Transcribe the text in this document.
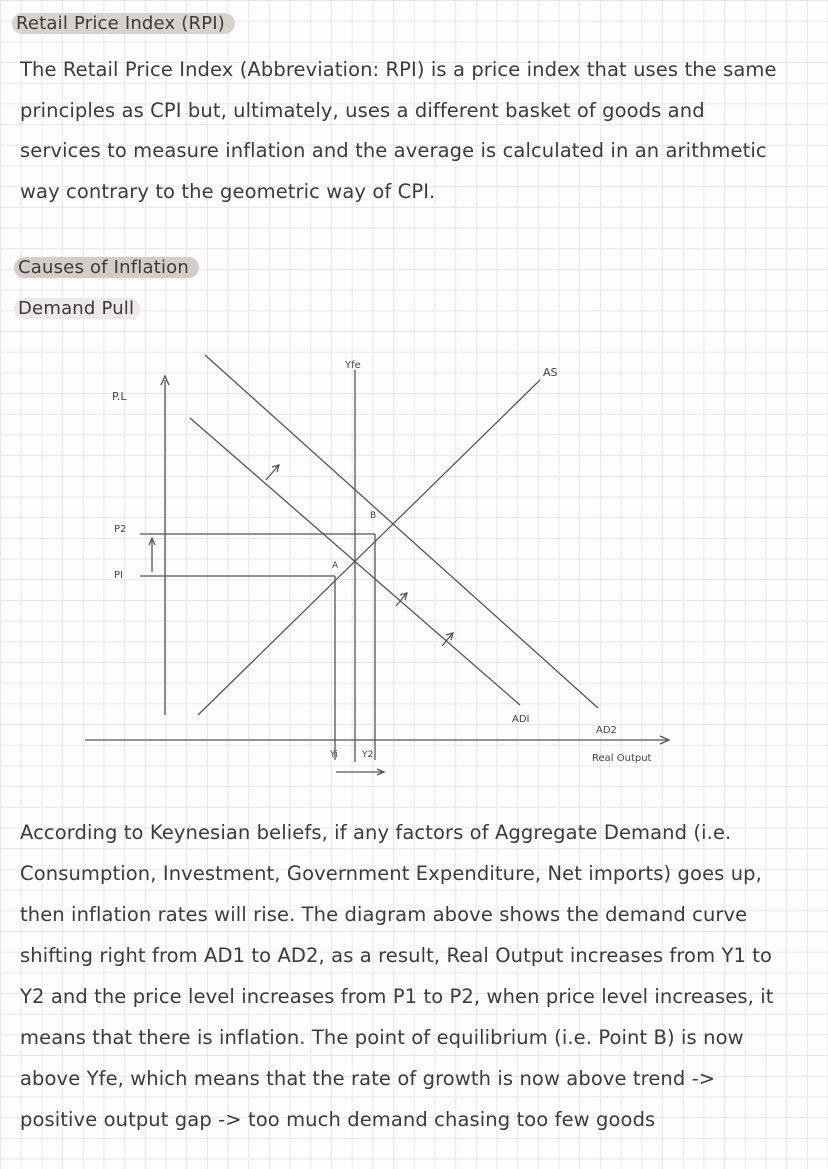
Retail Price Index (RPI)

The Retail Price Index (Abbreviation: RPI) is a price index that uses the same principles as CPI but, ultimately, uses a different basket of goods and services to measure inflation and the average is calculated in an arithmetic way contrary to the geometric way of CPI.

Causes of Inflation
Demand Pull
P.L
Yfe
AS
P2
PI
A
B
ADI
AD2
Yi	Y2	Real Output

According to Keynesian beliefs, if any factors of Aggregate Demand (i.e. Consumption, Investment, Government Expenditure, Net imports) goes up, then inflation rates will rise. The diagram above shows the demand curve shifting right from AD1 to AD2, as a result, Real Output increases from Y1 to Y2 and the price level increases from P1 to P2, when price level increases, it means that there is inflation. The point of equilibrium (i.e. Point B) is now above Yfe, which means that the rate of growth is now above trend -> positive output gap -> too much demand chasing too few goods
